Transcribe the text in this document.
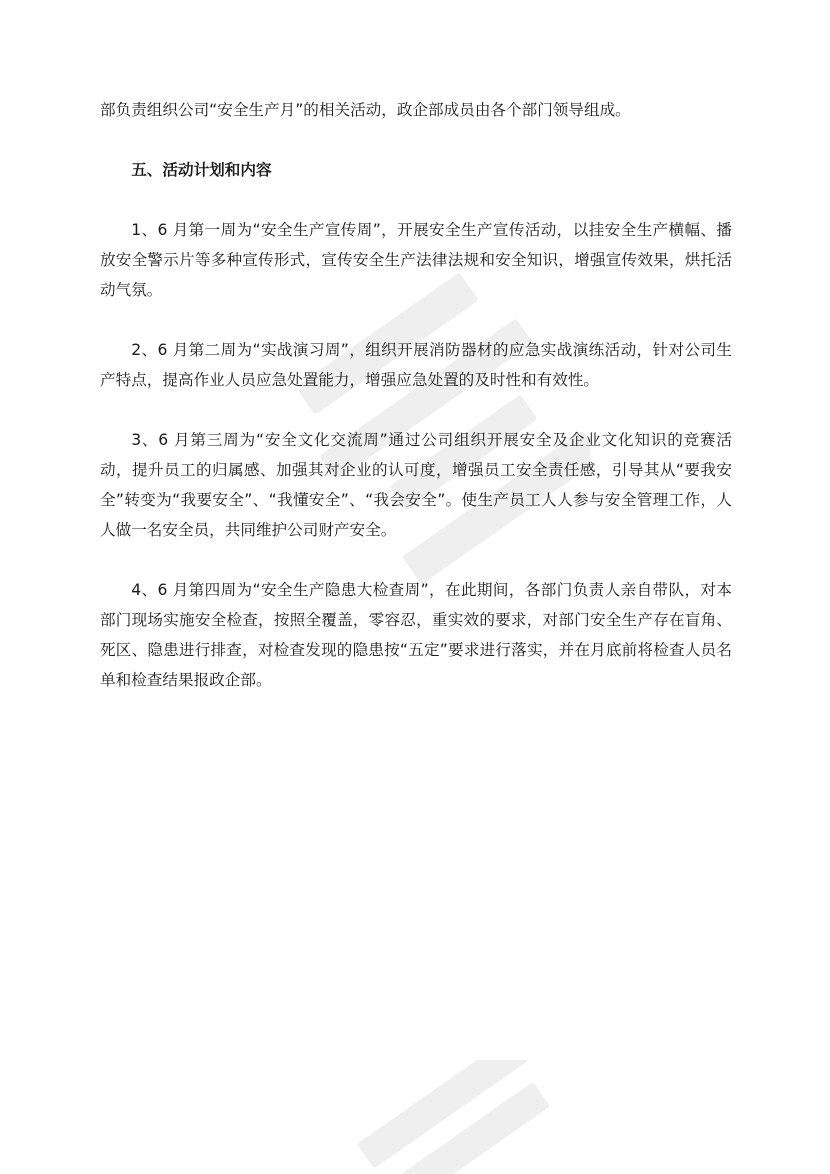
部负责组织公司“安全生产月”的相关活动，政企部成员由各个部门领导组成。

五、活动计划和内容

1、6 月第一周为“安全生产宣传周”，开展安全生产宣传活动，以挂安全生产横幅、播放安全警示片等多种宣传形式，宣传安全生产法律法规和安全知识，增强宣传效果，烘托活动气氛。

2、6 月第二周为“实战演习周”，组织开展消防器材的应急实战演练活动，针对公司生产特点，提高作业人员应急处置能力，增强应急处置的及时性和有效性。

3、6 月第三周为“安全文化交流周”通过公司组织开展安全及企业文化知识的竞赛活动，提升员工的归属感、加强其对企业的认可度，增强员工安全责任感，引导其从“要我安全”转变为“我要安全”、“我懂安全”、“我会安全”。使生产员工人人参与安全管理工作，人人做一名安全员，共同维护公司财产安全。

4、6 月第四周为“安全生产隐患大检查周”，在此期间，各部门负责人亲自带队，对本部门现场实施安全检查，按照全覆盖，零容忍，重实效的要求，对部门安全生产存在盲角、死区、隐患进行排查，对检查发现的隐患按“五定”要求进行落实，并在月底前将检查人员名单和检查结果报政企部。
